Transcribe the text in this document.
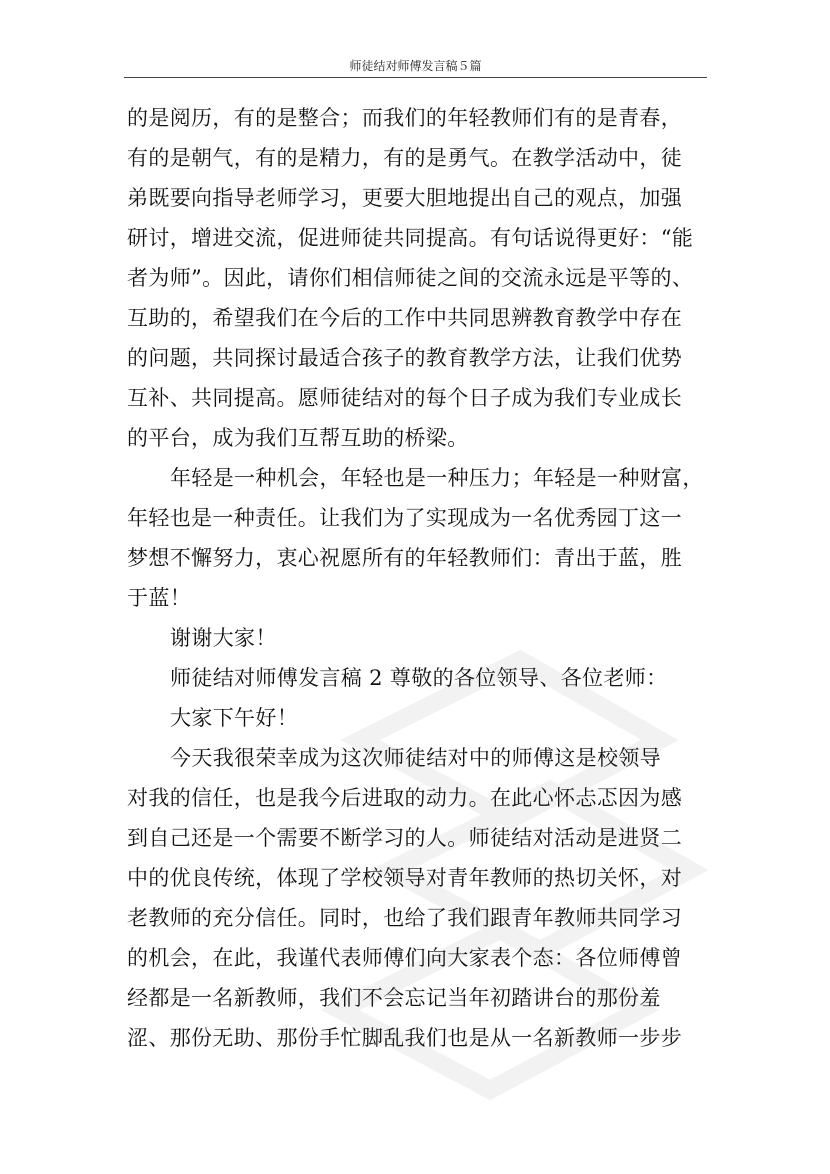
师徒结对师傅发言稿５篇
的是阅历，有的是整合；而我们的年轻教师们有的是青春，
有的是朝气，有的是精力，有的是勇气。在教学活动中，徒
弟既要向指导老师学习，更要大胆地提出自己的观点，加强
研讨，增进交流，促进师徒共同提高。有句话说得更好：“能
者为师”。因此，请你们相信师徒之间的交流永远是平等的、
互助的，希望我们在今后的工作中共同思辨教育教学中存在
的问题，共同探讨最适合孩子的教育教学方法，让我们优势
互补、共同提高。愿师徒结对的每个日子成为我们专业成长
的平台，成为我们互帮互助的桥梁。
年轻是一种机会，年轻也是一种压力；年轻是一种财富，
年轻也是一种责任。让我们为了实现成为一名优秀园丁这一
梦想不懈努力，衷心祝愿所有的年轻教师们：青出于蓝，胜
于蓝！
谢谢大家！
师徒结对师傅发言稿 2 尊敬的各位领导、各位老师：
大家下午好！
今天我很荣幸成为这次师徒结对中的师傅这是校领导
对我的信任，也是我今后进取的动力。在此心怀忐忑因为感
到自己还是一个需要不断学习的人。师徒结对活动是进贤二
中的优良传统，体现了学校领导对青年教师的热切关怀，对
老教师的充分信任。同时，也给了我们跟青年教师共同学习
的机会，在此，我谨代表师傅们向大家表个态：各位师傅曾
经都是一名新教师，我们不会忘记当年初踏讲台的那份羞
涩、那份无助、那份手忙脚乱我们也是从一名新教师一步步
